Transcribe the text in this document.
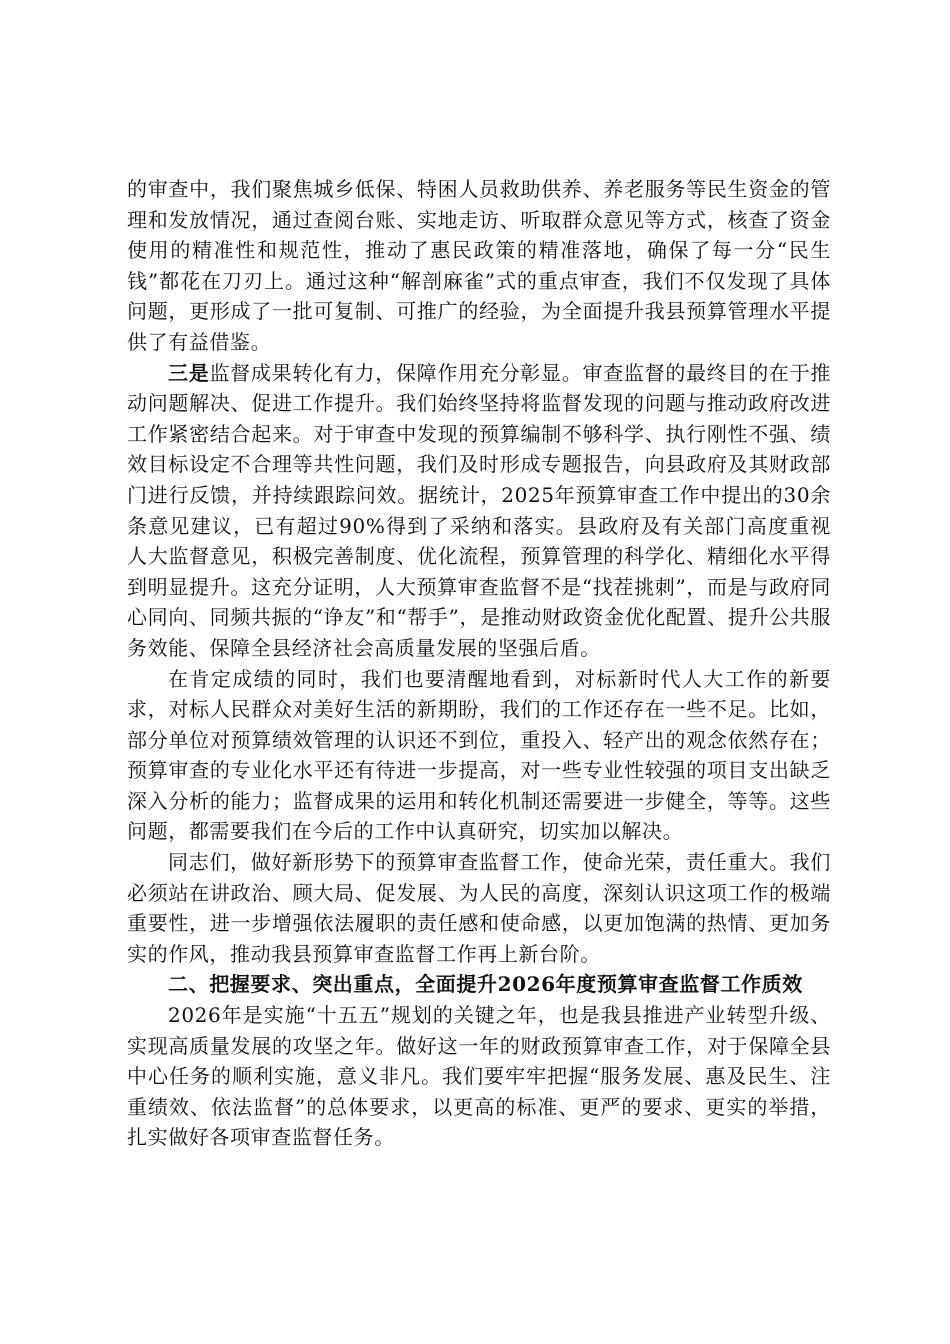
的审查中，我们聚焦城乡低保、特困人员救助供养、养老服务等民生资金的管理和发放情况，通过查阅台账、实地走访、听取群众意见等方式，核查了资金使用的精准性和规范性，推动了惠民政策的精准落地，确保了每一分“民生钱”都花在刀刃上。通过这种“解剖麻雀”式的重点审查，我们不仅发现了具体问题，更形成了一批可复制、可推广的经验，为全面提升我县预算管理水平提供了有益借鉴。

三是监督成果转化有力，保障作用充分彰显。审查监督的最终目的在于推动问题解决、促进工作提升。我们始终坚持将监督发现的问题与推动政府改进工作紧密结合起来。对于审查中发现的预算编制不够科学、执行刚性不强、绩效目标设定不合理等共性问题，我们及时形成专题报告，向县政府及其财政部门进行反馈，并持续跟踪问效。据统计，2025年预算审查工作中提出的30余条意见建议，已有超过90%得到了采纳和落实。县政府及有关部门高度重视人大监督意见，积极完善制度、优化流程，预算管理的科学化、精细化水平得到明显提升。这充分证明，人大预算审查监督不是“找茬挑刺”，而是与政府同心同向、同频共振的“诤友”和“帮手”，是推动财政资金优化配置、提升公共服务效能、保障全县经济社会高质量发展的坚强后盾。

在肯定成绩的同时，我们也要清醒地看到，对标新时代人大工作的新要求，对标人民群众对美好生活的新期盼，我们的工作还存在一些不足。比如，部分单位对预算绩效管理的认识还不到位，重投入、轻产出的观念依然存在；预算审查的专业化水平还有待进一步提高，对一些专业性较强的项目支出缺乏深入分析的能力；监督成果的运用和转化机制还需要进一步健全，等等。这些问题，都需要我们在今后的工作中认真研究，切实加以解决。

同志们，做好新形势下的预算审查监督工作，使命光荣，责任重大。我们必须站在讲政治、顾大局、促发展、为人民的高度，深刻认识这项工作的极端重要性，进一步增强依法履职的责任感和使命感，以更加饱满的热情、更加务实的作风，推动我县预算审查监督工作再上新台阶。

二、把握要求、突出重点，全面提升2026年度预算审查监督工作质效

2026年是实施“十五五”规划的关键之年，也是我县推进产业转型升级、实现高质量发展的攻坚之年。做好这一年的财政预算审查工作，对于保障全县中心任务的顺利实施，意义非凡。我们要牢牢把握“服务发展、惠及民生、注重绩效、依法监督”的总体要求，以更高的标准、更严的要求、更实的举措，扎实做好各项审查监督任务。
